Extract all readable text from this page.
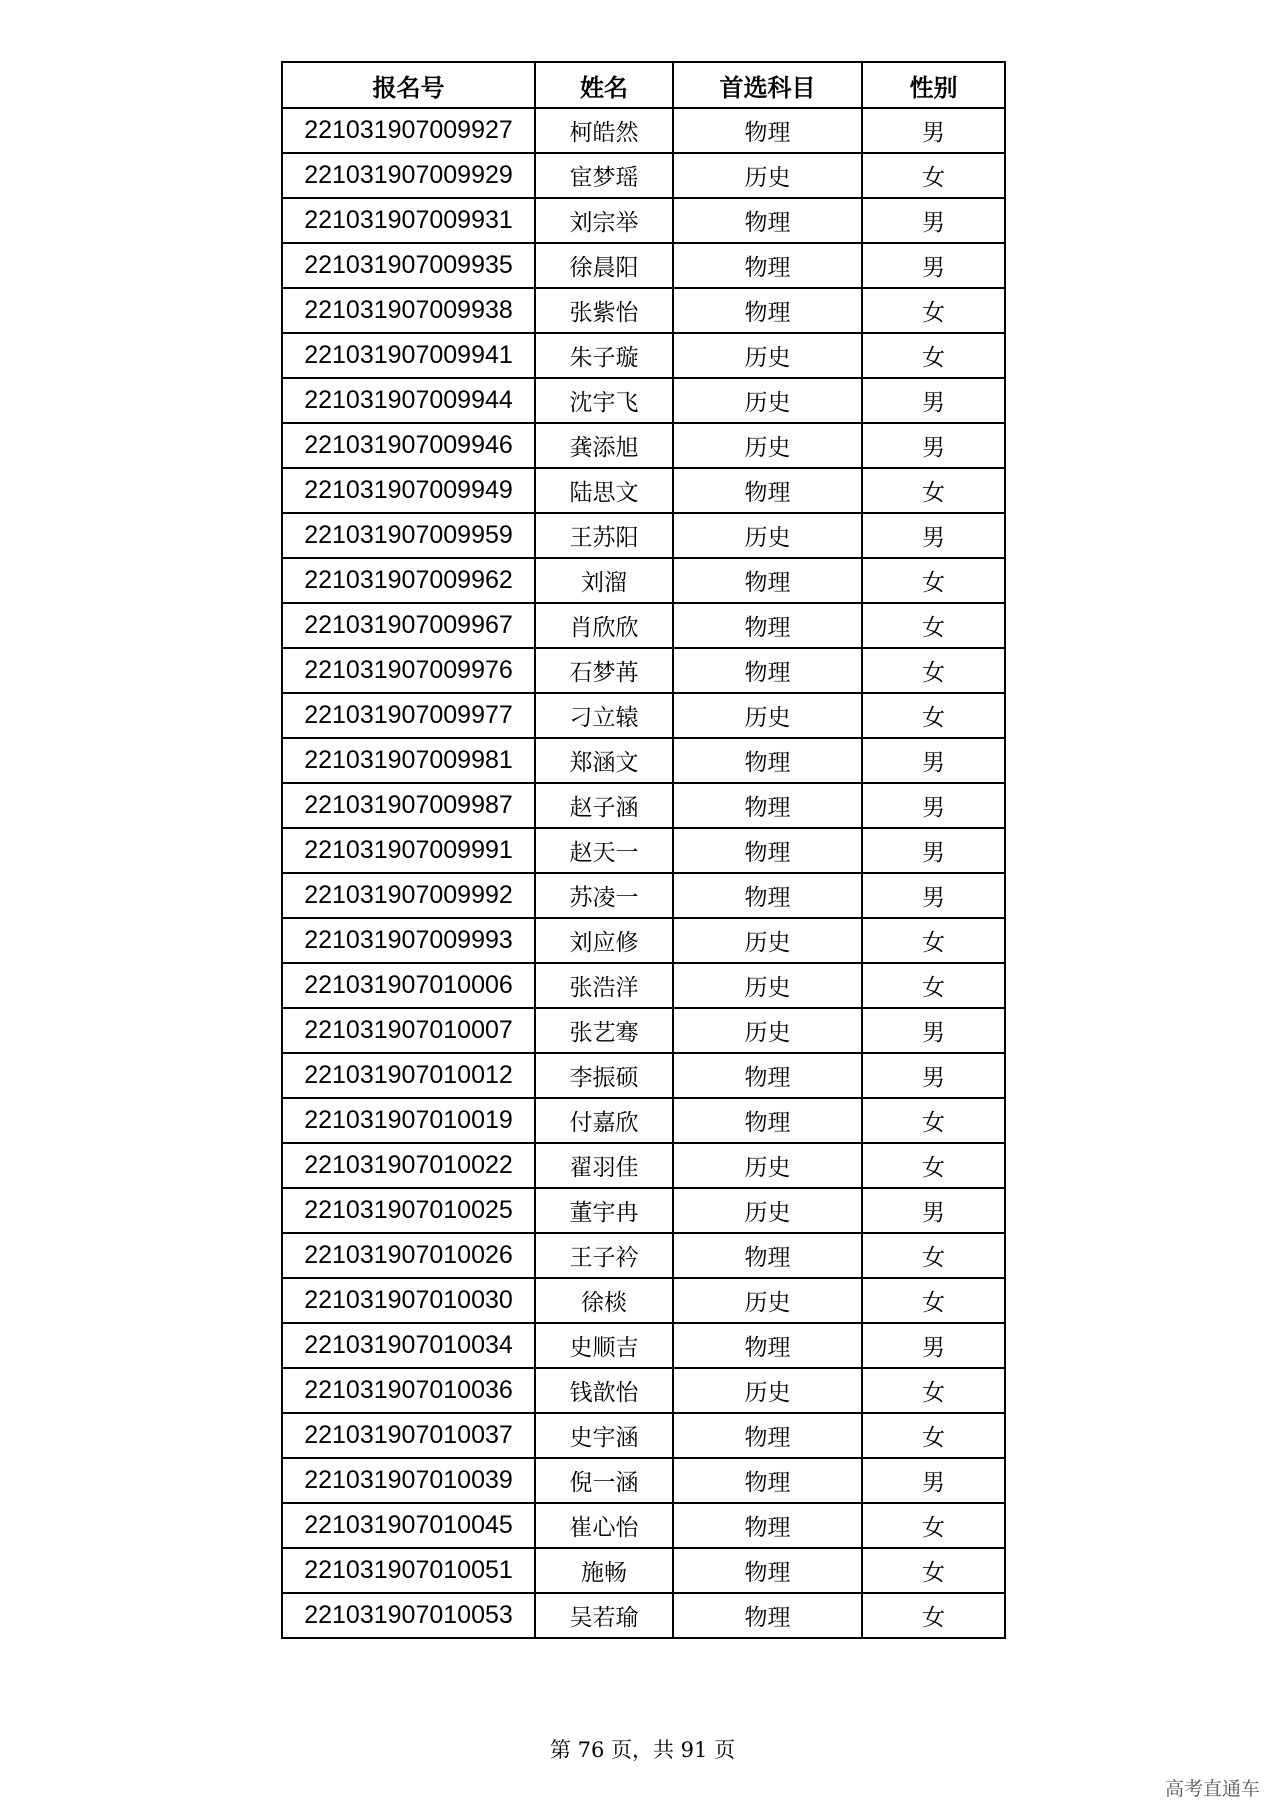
报名号	姓名	首选科目	性别
221031907009927	柯皓然	物理	男
221031907009929	宦梦瑶	历史	女
221031907009931	刘宗举	物理	男
221031907009935	徐晨阳	物理	男
221031907009938	张紫怡	物理	女
221031907009941	朱子璇	历史	女
221031907009944	沈宇飞	历史	男
221031907009946	龚添旭	历史	男
221031907009949	陆思文	物理	女
221031907009959	王苏阳	历史	男
221031907009962	刘溜	物理	女
221031907009967	肖欣欣	物理	女
221031907009976	石梦苒	物理	女
221031907009977	刁立辕	历史	女
221031907009981	郑涵文	物理	男
221031907009987	赵子涵	物理	男
221031907009991	赵天一	物理	男
221031907009992	苏凌一	物理	男
221031907009993	刘应修	历史	女
221031907010006	张浩洋	历史	女
221031907010007	张艺骞	历史	男
221031907010012	李振硕	物理	男
221031907010019	付嘉欣	物理	女
221031907010022	翟羽佳	历史	女
221031907010025	董宇冉	历史	男
221031907010026	王子衿	物理	女
221031907010030	徐棪	历史	女
221031907010034	史顺吉	物理	男
221031907010036	钱歆怡	历史	女
221031907010037	史宇涵	物理	女
221031907010039	倪一涵	物理	男
221031907010045	崔心怡	物理	女
221031907010051	施畅	物理	女
221031907010053	吴若瑜	物理	女
第 76 页，共 91 页
高考直通车
